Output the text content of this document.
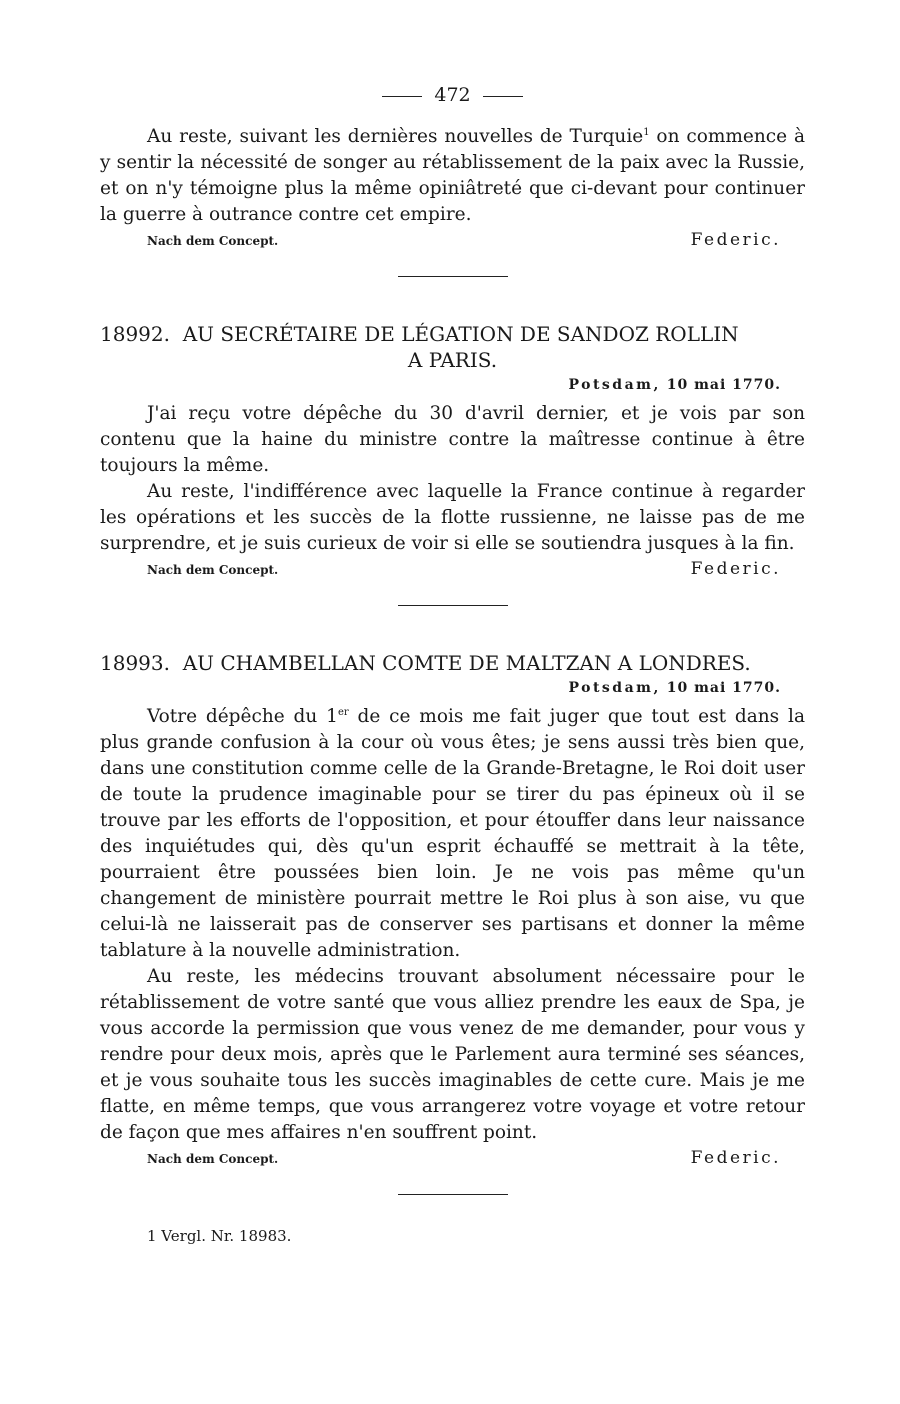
472

Au reste, suivant les dernières nouvelles de Turquie$^1$ on commence à y sentir la nécessité de songer au rétablissement de la paix avec la Russie, et on n'y témoigne plus la même opiniâtreté que ci-devant pour continuer la guerre à outrance contre cet empire.

Nach dem Concept.	Federic.
18992. AU SECRÉTAIRE DE LÉGATION DE SANDOZ ROLLIN
A PARIS.
Potsdam, 10 mai 1770.

J'ai reçu votre dépêche du 30 d'avril dernier, et je vois par son contenu que la haine du ministre contre la maîtresse continue à être toujours la même.

Au reste, l'indifférence avec laquelle la France continue à regarder les opérations et les succès de la flotte russienne, ne laisse pas de me surprendre, et je suis curieux de voir si elle se soutiendra jusques à la fin.

Nach dem Concept.	Federic.
18993. AU CHAMBELLAN COMTE DE MALTZAN A LONDRES.
Potsdam, 10 mai 1770.

Votre dépêche du 1er de ce mois me fait juger que tout est dans la plus grande confusion à la cour où vous êtes; je sens aussi très bien que, dans une constitution comme celle de la Grande-Bretagne, le Roi doit user de toute la prudence imaginable pour se tirer du pas épineux où il se trouve par les efforts de l'opposition, et pour étouffer dans leur naissance des inquiétudes qui, dès qu'un esprit échauffé se mettrait à la tête, pourraient être poussées bien loin. Je ne vois pas même qu'un changement de ministère pourrait mettre le Roi plus à son aise, vu que celui-là ne laisserait pas de conserver ses partisans et donner la même tablature à la nouvelle administration.

Au reste, les médecins trouvant absolument nécessaire pour le rétablissement de votre santé que vous alliez prendre les eaux de Spa, je vous accorde la permission que vous venez de me demander, pour vous y rendre pour deux mois, après que le Parlement aura terminé ses séances, et je vous souhaite tous les succès imaginables de cette cure. Mais je me flatte, en même temps, que vous arrangerez votre voyage et votre retour de façon que mes affaires n'en souffrent point.

Nach dem Concept.	Federic.
1 Vergl. Nr. 18983.
